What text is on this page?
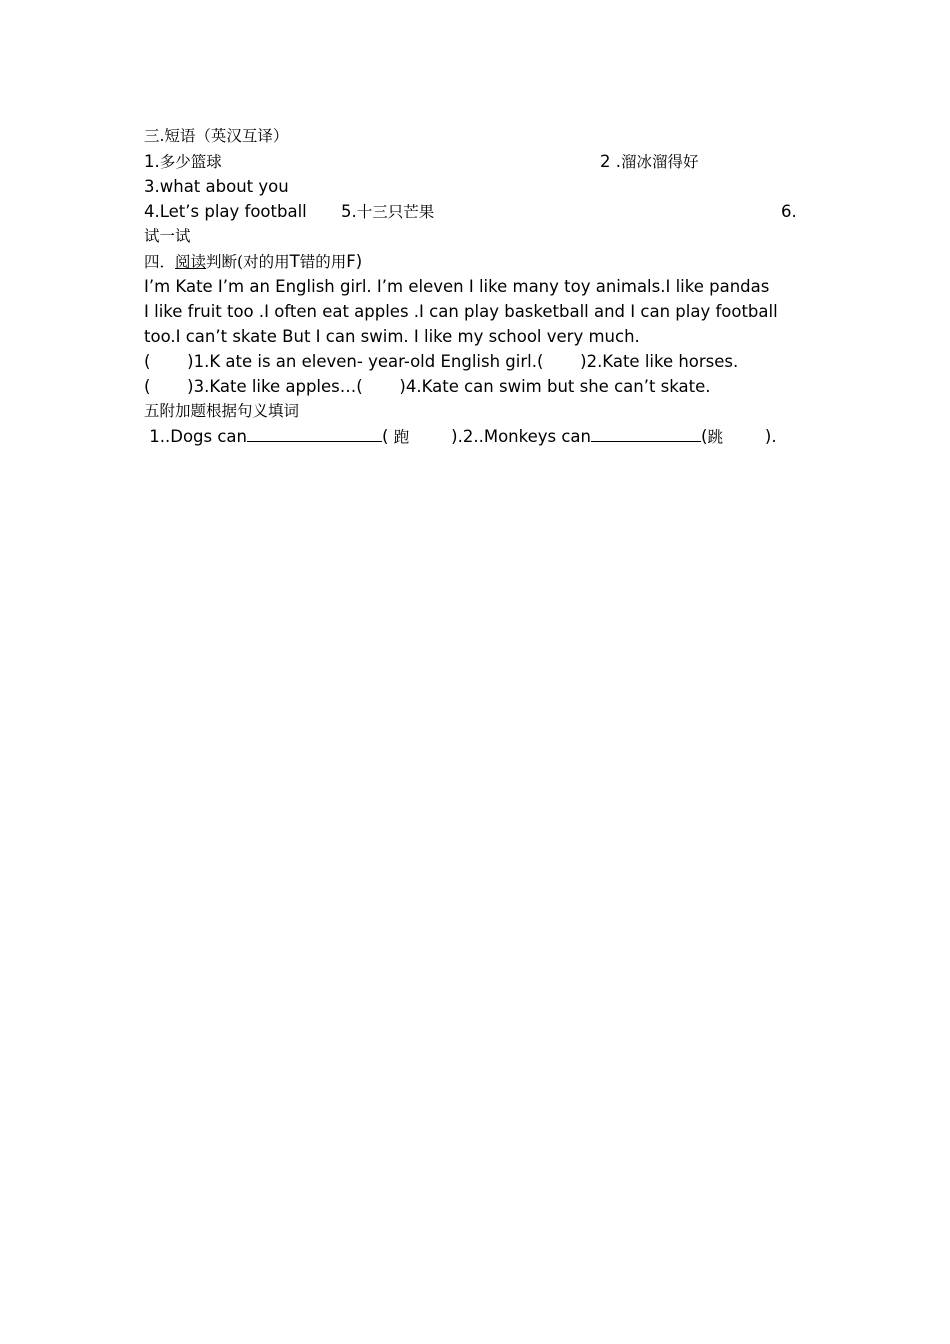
三.短语（英汉互译）
1.多少篮球	2 .溜冰溜得好
3.what about you
4.Let’s play football 5.十三只芒果	6.
试一试
四．阅读判断(对的用T错的用F)
I’m Kate I’m an English girl. I’m eleven I like many toy animals.I like pandas
I like fruit too .I often eat apples .I can play basketball and I can play football
too.I can’t skate But I can swim. I like my school very much.
(       )1.K ate is an eleven- year-old English girl.(       )2.Kate like horses.
(       )3.Kate like apples…(       )4.Kate can swim but she can’t skate.
五附加题根据句义填词
1..Dogs can	( 跑        ).2..Monkeys can	(跳        ).
